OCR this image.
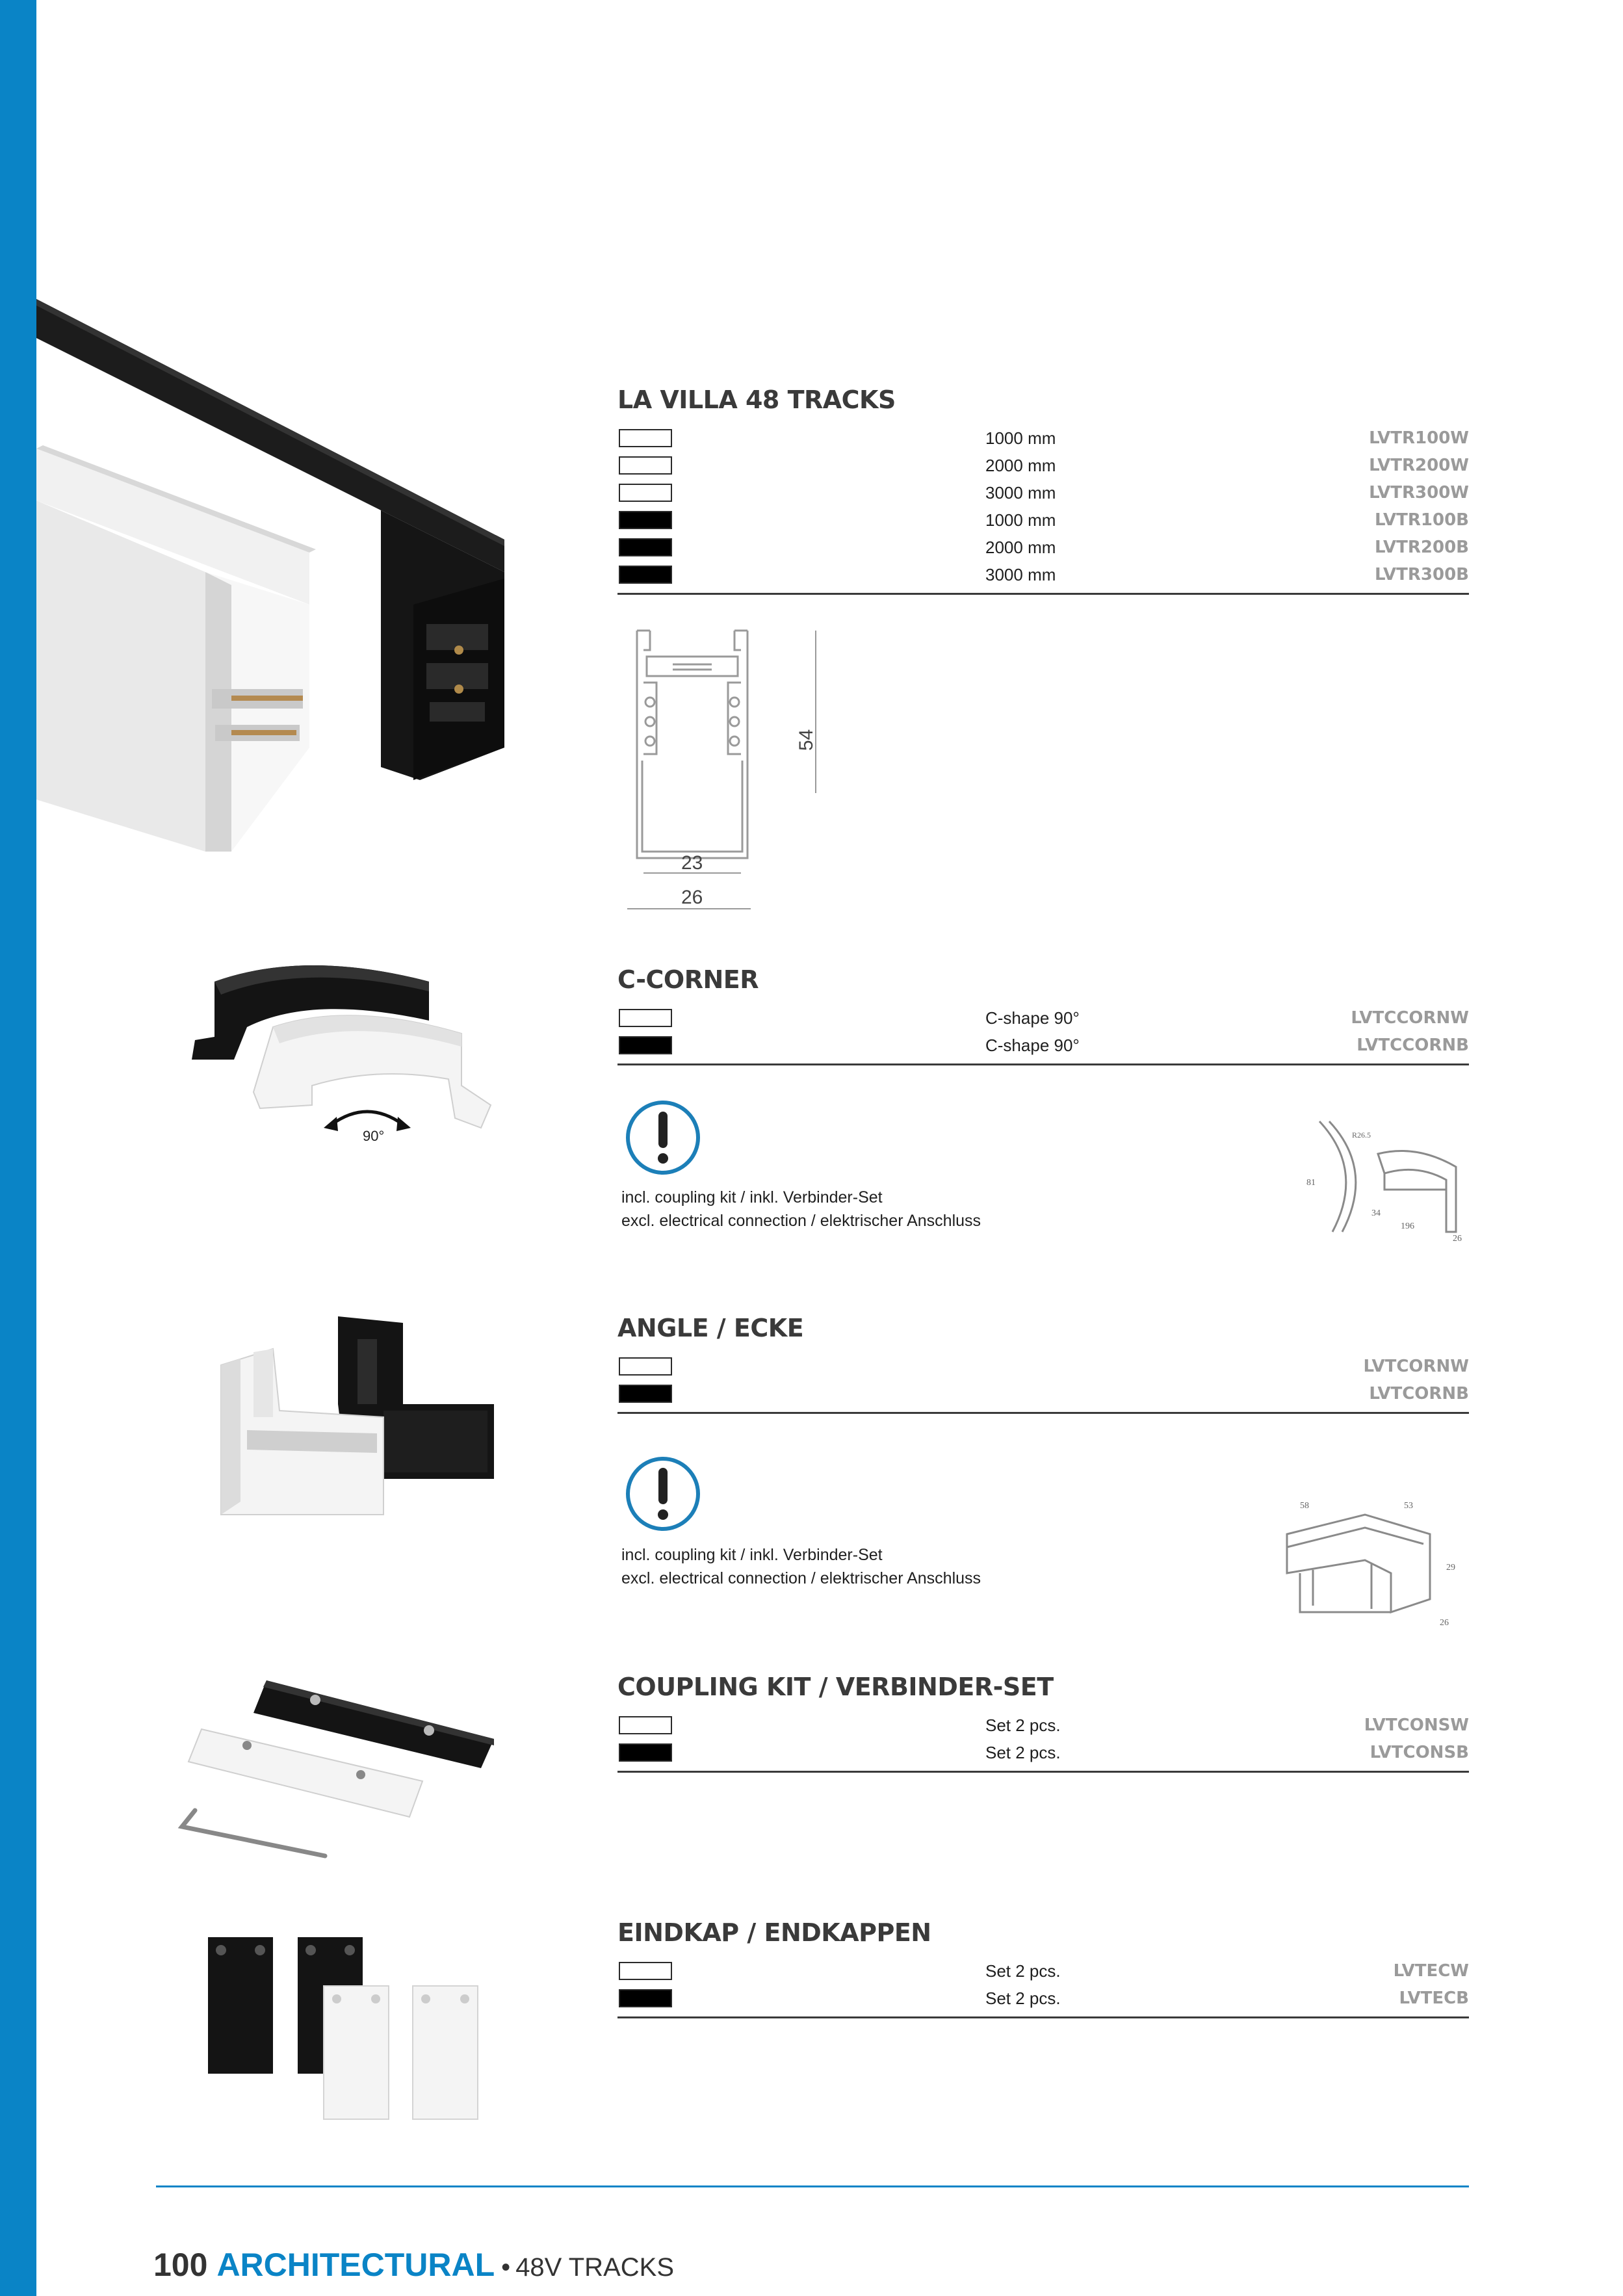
LA VILLA 48 TRACKS
1000 mm	LVTR100W
2000 mm	LVTR200W
3000 mm	LVTR300W
1000 mm	LVTR100B
2000 mm	LVTR200B
3000 mm	LVTR300B
54
23
26
90°
C-CORNER
C-shape 90°	LVTCCORNW
C-shape 90°	LVTCCORNB
incl. coupling kit / inkl. Verbinder-Set
excl. electrical connection / elektrischer Anschluss
R26.5
81
34
196
26
ANGLE / ECKE
LVTCORNW
LVTCORNB
incl. coupling kit / inkl. Verbinder-Set
excl. electrical connection / elektrischer Anschluss
58	53
29
26
COUPLING KIT / VERBINDER-SET
Set 2 pcs.	LVTCONSW
Set 2 pcs.	LVTCONSB
EINDKAP / ENDKAPPEN
Set 2 pcs.	LVTECW
Set 2 pcs.	LVTECB
100 ARCHITECTURAL • 48V TRACKS
